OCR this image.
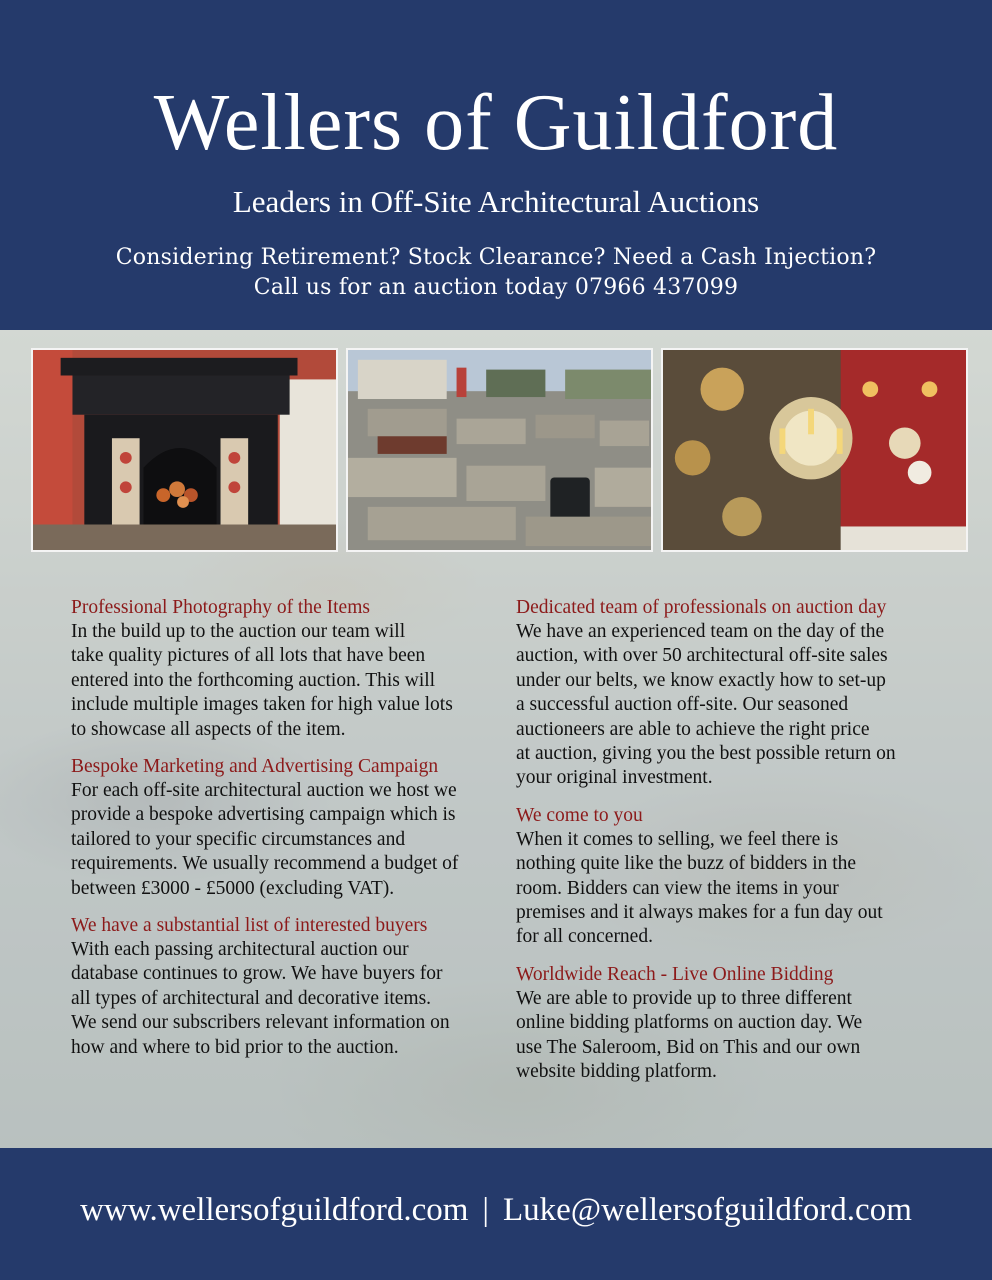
Wellers of Guildford
Leaders in Off-Site Architectural Auctions
Considering Retirement? Stock Clearance? Need a Cash Injection?
Call us for an auction today 07966 437099
Professional Photography of the Items
In the build up to the auction our team will
take quality pictures of all lots that have been
entered into the forthcoming auction. This will
include multiple images taken for high value lots
to showcase all aspects of the item.
Bespoke Marketing and Advertising Campaign
For each off-site architectural auction we host we
provide a bespoke advertising campaign which is
tailored to your specific circumstances and
requirements. We usually recommend a budget of
between £3000 - £5000 (excluding VAT).
We have a substantial list of interested buyers
With each passing architectural auction our
database continues to grow. We have buyers for
all types of architectural and decorative items.
We send our subscribers relevant information on
how and where to bid prior to the auction.
Dedicated team of professionals on auction day
We have an experienced team on the day of the
auction, with over 50 architectural off-site sales
under our belts, we know exactly how to set-up
a successful auction off-site. Our seasoned
auctioneers are able to achieve the right price
at auction, giving you the best possible return on
your original investment.
We come to you
When it comes to selling, we feel there is
nothing quite like the buzz of bidders in the
room. Bidders can view the items in your
premises and it always makes for a fun day out
for all concerned.
Worldwide Reach - Live Online Bidding
We are able to provide up to three different
online bidding platforms on auction day. We
use The Saleroom, Bid on This and our own
website bidding platform.
www.wellersofguildford.com | Luke@wellersofguildford.com
